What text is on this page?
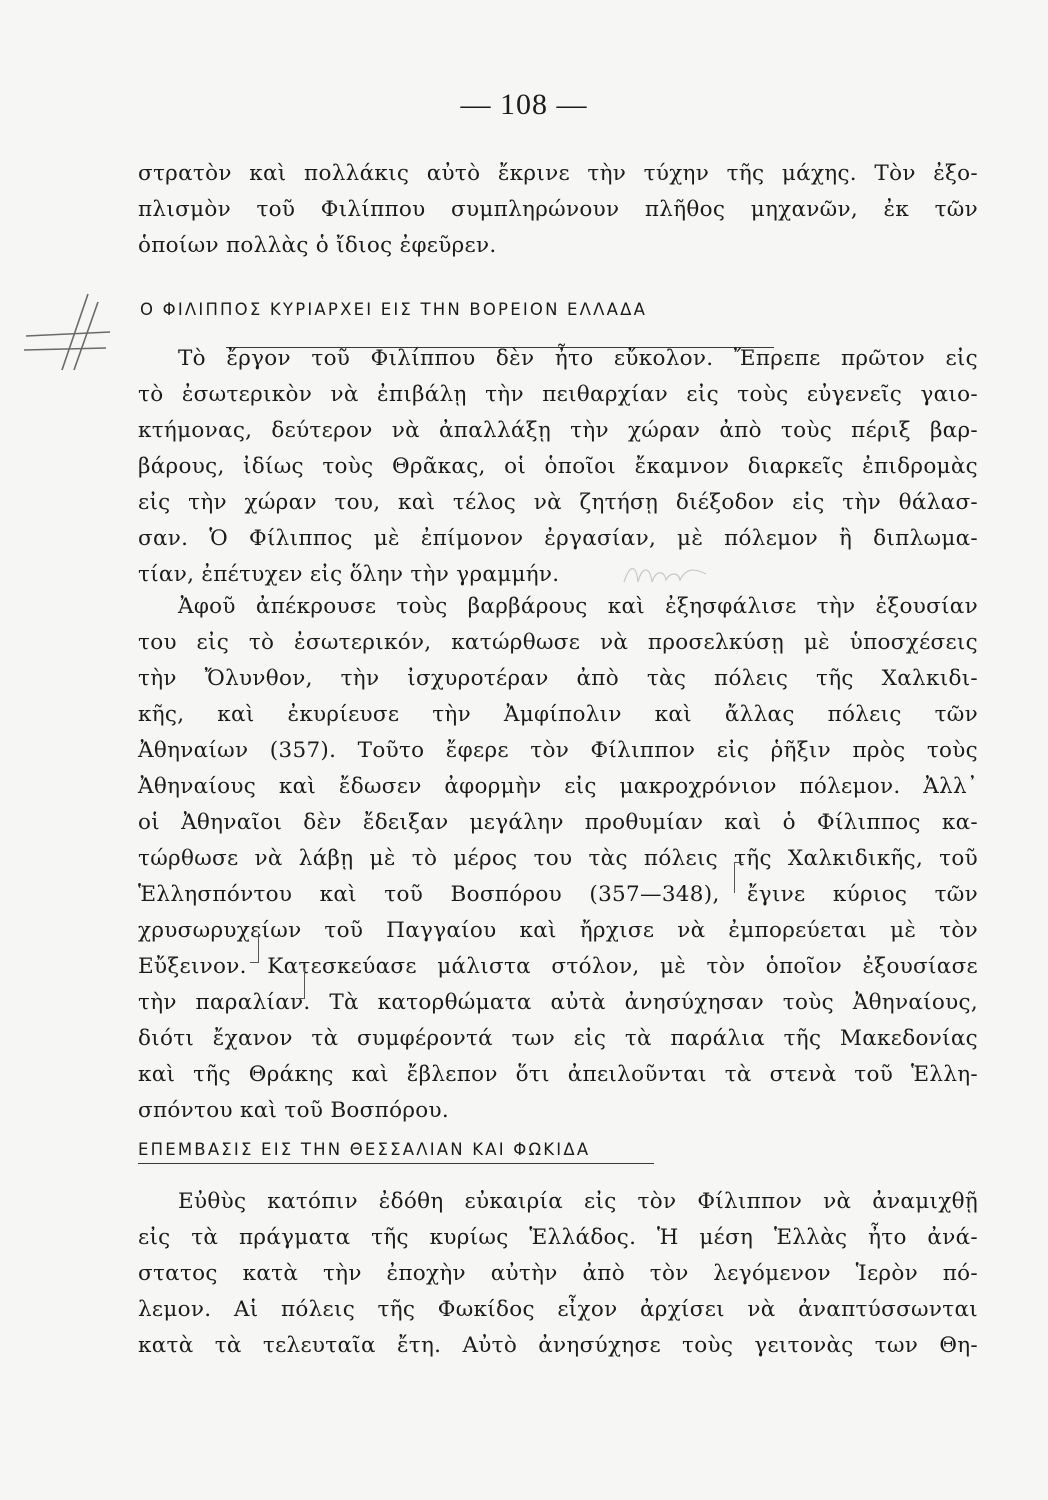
— 108 —

στρατὸν καὶ πολλάκις αὐτὸ ἔκρινε τὴν τύχην τῆς μάχης. Τὸν ἐξο-

πλισμὸν τοῦ Φιλίππου συμπληρώνουν πλῆθος μηχανῶν, ἐκ τῶν

ὁποίων πολλὰς ὁ ἴδιος ἐφεῦρεν.

Ο ΦΙΛΙΠΠΟΣ ΚΥΡΙΑΡΧΕΙ ΕΙΣ ΤΗΝ ΒΟΡΕΙΟΝ ΕΛΛΑΔΑ

Τὸ ἔργον τοῦ Φιλίππου δὲν ἦτο εὔκολον. Ἔπρεπε πρῶτον εἰς

τὸ ἐσωτερικὸν νὰ ἐπιβάλῃ τὴν πειθαρχίαν εἰς τοὺς εὐγενεῖς γαιο-

κτήμονας, δεύτερον νὰ ἀπαλλάξῃ τὴν χώραν ἀπὸ τοὺς πέριξ βαρ-

βάρους, ἰδίως τοὺς Θρᾶκας, οἱ ὁποῖοι ἔκαμνον διαρκεῖς ἐπιδρομὰς

εἰς τὴν χώραν του, καὶ τέλος νὰ ζητήσῃ διέξοδον εἰς τὴν θάλασ-

σαν. Ὁ Φίλιππος μὲ ἐπίμονον ἐργασίαν, μὲ πόλεμον ἢ διπλωμα-

τίαν, ἐπέτυχεν εἰς ὅλην τὴν γραμμήν.

Ἀφοῦ ἀπέκρουσε τοὺς βαρβάρους καὶ ἐξησφάλισε τὴν ἐξουσίαν

του εἰς τὸ ἐσωτερικόν, κατώρθωσε νὰ προσελκύσῃ μὲ ὑποσχέσεις

τὴν Ὄλυνθον, τὴν ἰσχυροτέραν ἀπὸ τὰς πόλεις τῆς Χαλκιδι-

κῆς, καὶ ἐκυρίευσε τὴν Ἀμφίπολιν καὶ ἄλλας πόλεις τῶν

Ἀθηναίων (357). Τοῦτο ἔφερε τὸν Φίλιππον εἰς ῥῆξιν πρὸς τοὺς

Ἀθηναίους καὶ ἔδωσεν ἀφορμὴν εἰς μακροχρόνιον πόλεμον. Ἀλλ᾽

οἱ Ἀθηναῖοι δὲν ἔδειξαν μεγάλην προθυμίαν καὶ ὁ Φίλιππος κα-

τώρθωσε νὰ λάβῃ μὲ τὸ μέρος του τὰς πόλεις τῆς Χαλκιδικῆς, τοῦ

Ἑλλησπόντου καὶ τοῦ Βοσπόρου (357—348), ἔγινε κύριος τῶν

χρυσωρυχείων τοῦ Παγγαίου καὶ ἤρχισε νὰ ἐμπορεύεται μὲ τὸν

Εὔξεινον. Κατεσκεύασε μάλιστα στόλον, μὲ τὸν ὁποῖον ἐξουσίασε

τὴν παραλίαν. Τὰ κατορθώματα αὐτὰ ἀνησύχησαν τοὺς Ἀθηναίους,

διότι ἔχανον τὰ συμφέροντά των εἰς τὰ παράλια τῆς Μακεδονίας

καὶ τῆς Θράκης καὶ ἔβλεπον ὅτι ἀπειλοῦνται τὰ στενὰ τοῦ Ἑλλη-

σπόντου καὶ τοῦ Βοσπόρου.

ΕΠΕΜΒΑΣΙΣ ΕΙΣ ΤΗΝ ΘΕΣΣΑΛΙΑΝ ΚΑΙ ΦΩΚΙΔΑ

Εὐθὺς κατόπιν ἐδόθη εὐκαιρία εἰς τὸν Φίλιππον νὰ ἀναμιχθῇ

εἰς τὰ πράγματα τῆς κυρίως Ἑλλάδος. Ἡ μέση Ἑλλὰς ἦτο ἀνά-

στατος κατὰ τὴν ἐποχὴν αὐτὴν ἀπὸ τὸν λεγόμενον Ἱερὸν πό-

λεμον. Αἱ πόλεις τῆς Φωκίδος εἶχον ἀρχίσει νὰ ἀναπτύσσωνται

κατὰ τὰ τελευταῖα ἔτη. Αὐτὸ ἀνησύχησε τοὺς γειτονὰς των Θη-
